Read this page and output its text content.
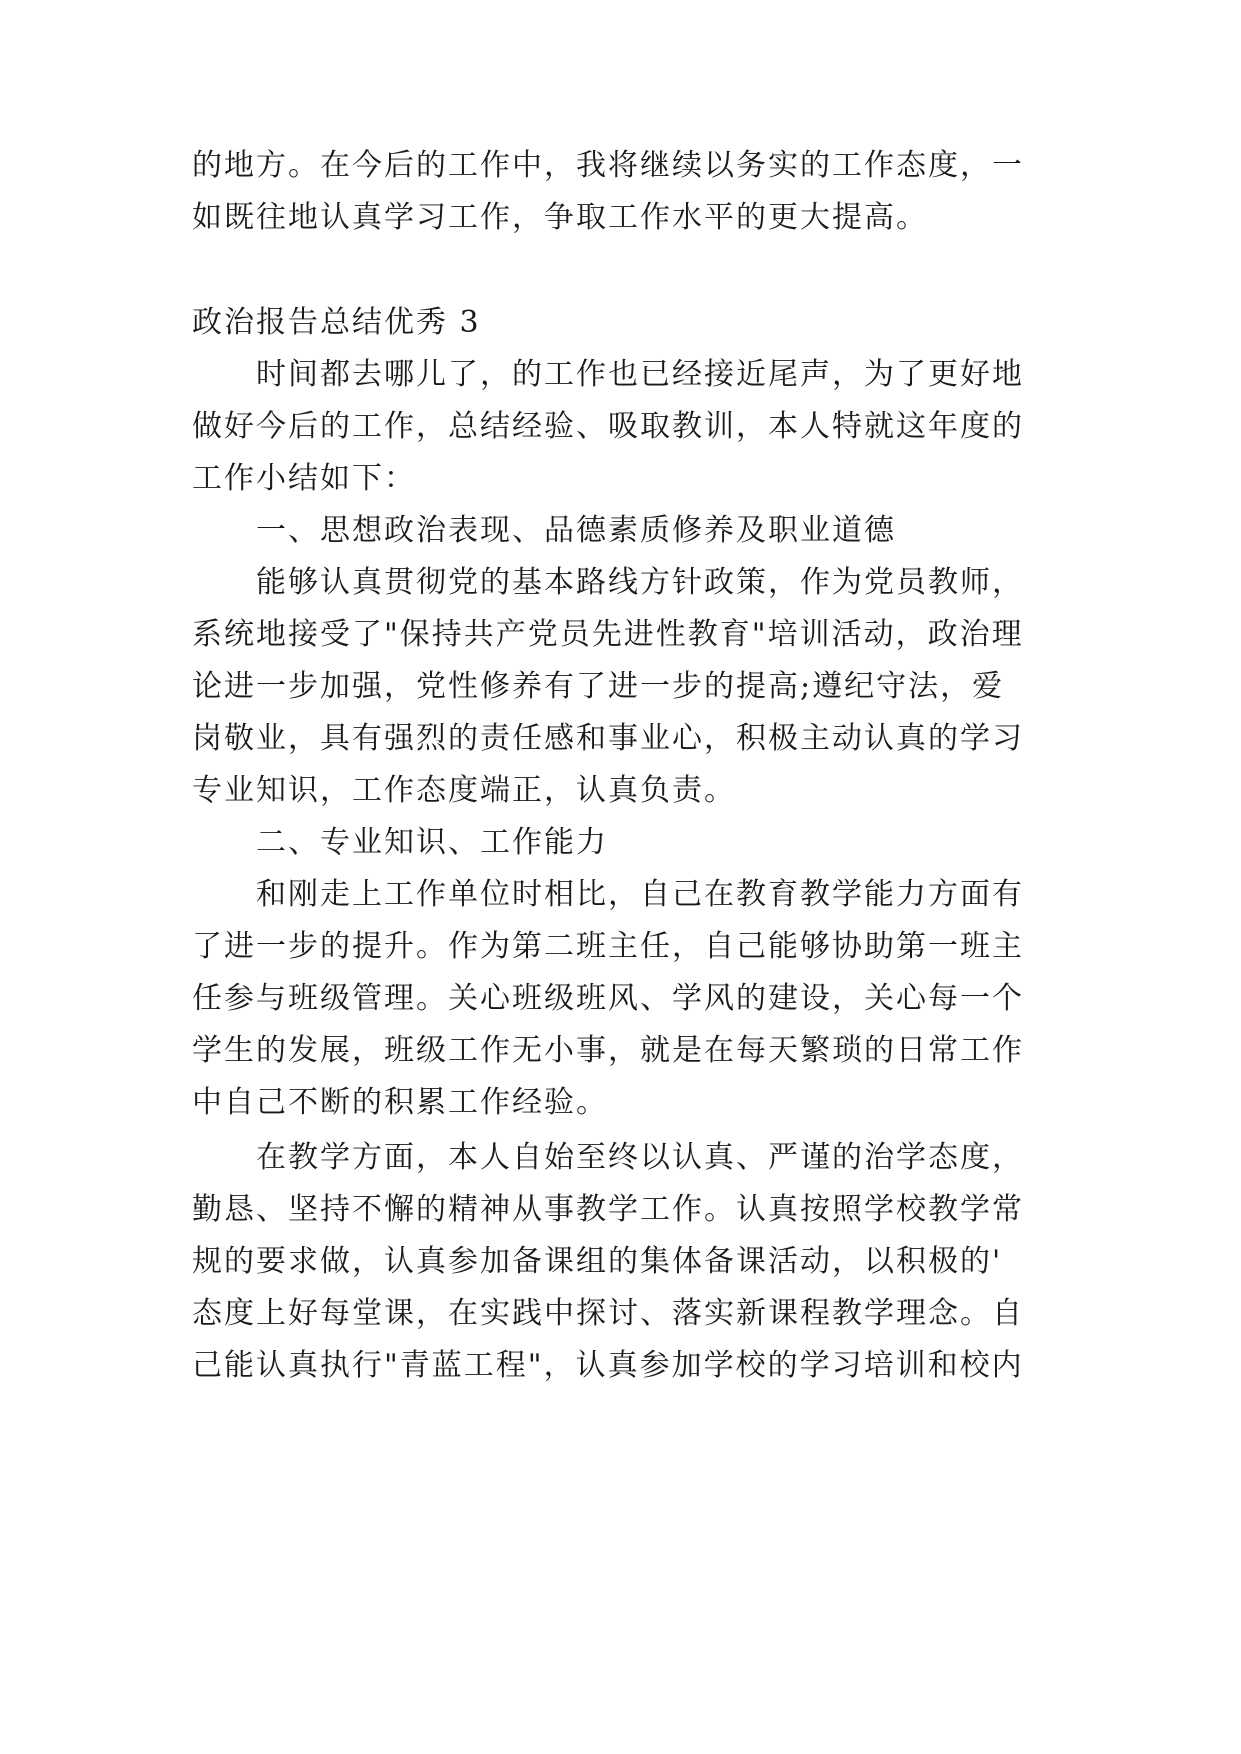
的地方。在今后的工作中，我将继续以务实的工作态度，一
如既往地认真学习工作，争取工作水平的更大提高。
政治报告总结优秀 3
时间都去哪儿了，的工作也已经接近尾声，为了更好地
做好今后的工作，总结经验、吸取教训，本人特就这年度的
工作小结如下：
一、思想政治表现、品德素质修养及职业道德
能够认真贯彻党的基本路线方针政策，作为党员教师，
系统地接受了"保持共产党员先进性教育"培训活动，政治理
论进一步加强，党性修养有了进一步的提高;遵纪守法，爱
岗敬业，具有强烈的责任感和事业心，积极主动认真的学习
专业知识，工作态度端正，认真负责。
二、专业知识、工作能力
和刚走上工作单位时相比，自己在教育教学能力方面有
了进一步的提升。作为第二班主任，自己能够协助第一班主
任参与班级管理。关心班级班风、学风的建设，关心每一个
学生的发展，班级工作无小事，就是在每天繁琐的日常工作
中自己不断的积累工作经验。
在教学方面，本人自始至终以认真、严谨的治学态度，
勤恳、坚持不懈的精神从事教学工作。认真按照学校教学常
规的要求做，认真参加备课组的集体备课活动，以积极的'
态度上好每堂课，在实践中探讨、落实新课程教学理念。自
己能认真执行"青蓝工程"，认真参加学校的学习培训和校内
